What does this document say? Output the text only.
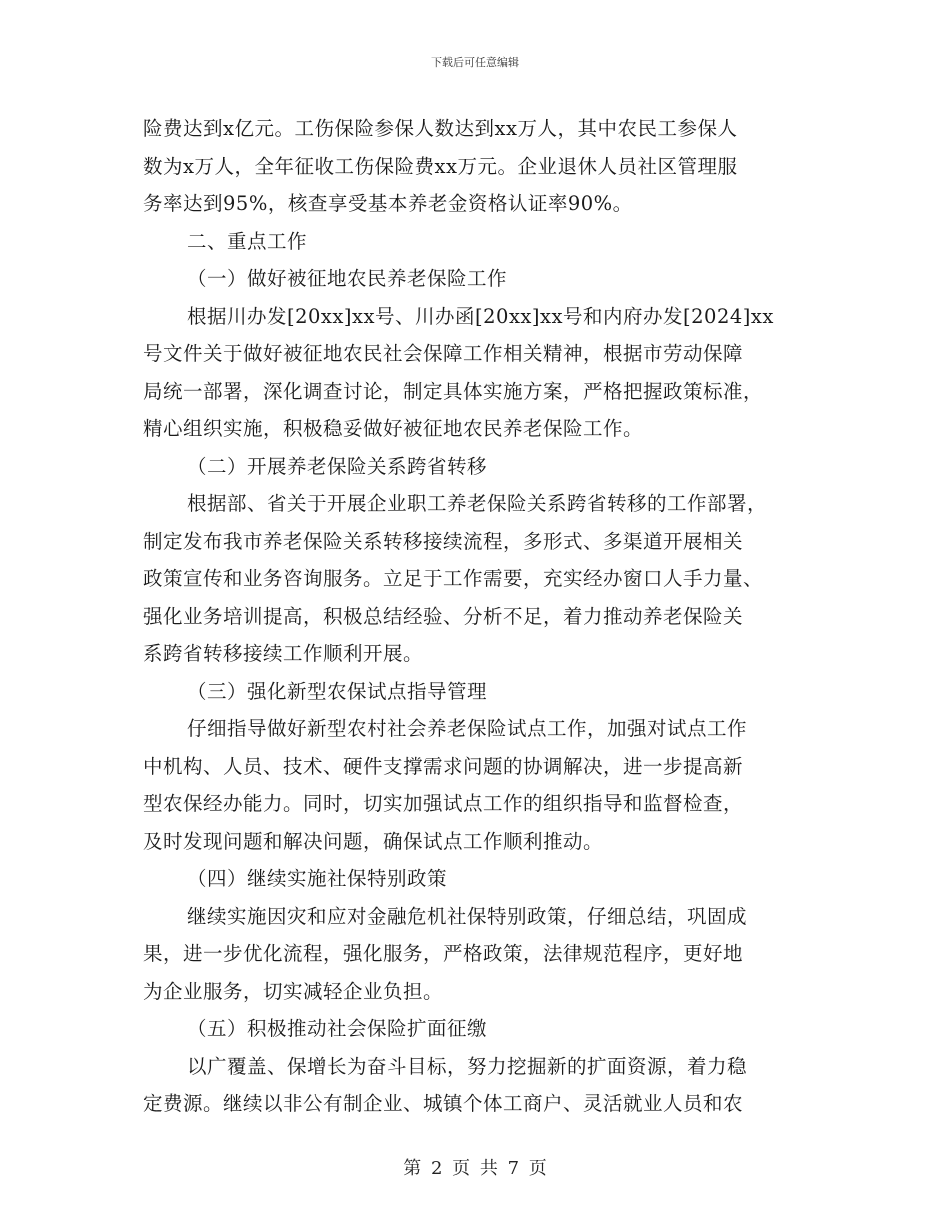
下载后可任意编辑
险费达到x亿元。工伤保险参保人数达到xx万人，其中农民工参保人
数为x万人，全年征收工伤保险费xx万元。企业退休人员社区管理服
务率达到95%，核查享受基本养老金资格认证率90%。
二、重点工作
（一）做好被征地农民养老保险工作
根据川办发[20xx]xx号、川办函[20xx]xx号和内府办发[2024]xx
号文件关于做好被征地农民社会保障工作相关精神，根据市劳动保障
局统一部署，深化调查讨论，制定具体实施方案，严格把握政策标准，
精心组织实施，积极稳妥做好被征地农民养老保险工作。
（二）开展养老保险关系跨省转移
根据部、省关于开展企业职工养老保险关系跨省转移的工作部署，
制定发布我市养老保险关系转移接续流程，多形式、多渠道开展相关
政策宣传和业务咨询服务。立足于工作需要，充实经办窗口人手力量、
强化业务培训提高，积极总结经验、分析不足，着力推动养老保险关
系跨省转移接续工作顺利开展。
（三）强化新型农保试点指导管理
仔细指导做好新型农村社会养老保险试点工作，加强对试点工作
中机构、人员、技术、硬件支撑需求问题的协调解决，进一步提高新
型农保经办能力。同时，切实加强试点工作的组织指导和监督检查，
及时发现问题和解决问题，确保试点工作顺利推动。
（四）继续实施社保特别政策
继续实施因灾和应对金融危机社保特别政策，仔细总结，巩固成
果，进一步优化流程，强化服务，严格政策，法律规范程序，更好地
为企业服务，切实减轻企业负担。
（五）积极推动社会保险扩面征缴
以广覆盖、保增长为奋斗目标，努力挖掘新的扩面资源，着力稳
定费源。继续以非公有制企业、城镇个体工商户、灵活就业人员和农
第 2 页 共 7 页
